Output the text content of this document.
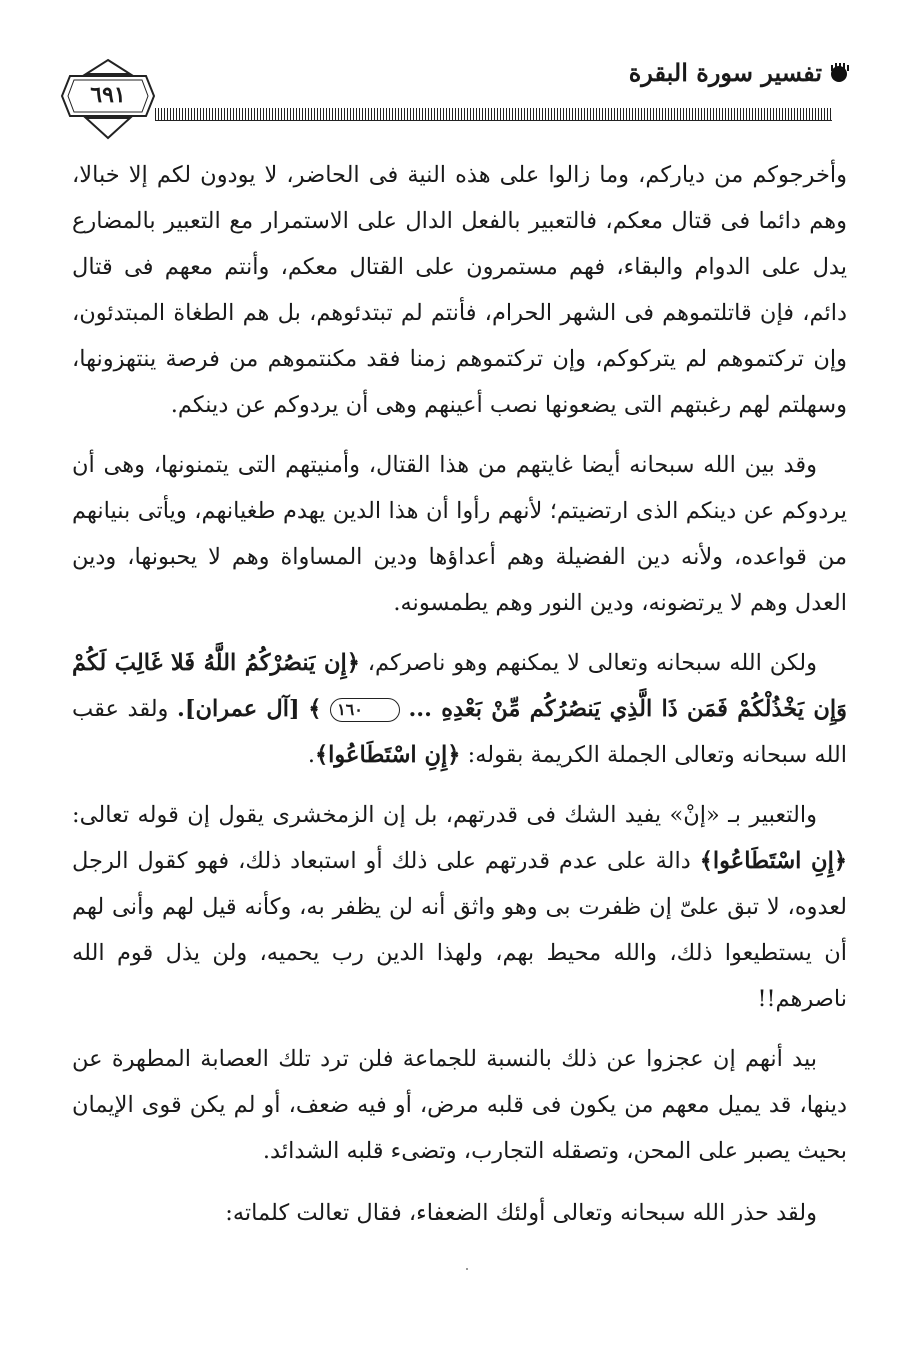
تفسير سورة البقرة
٦٩١

وأخرجوكم من دياركم، وما زالوا على هذه النية فى الحاضر، لا يودون لكم إلا خبالا، وهم دائما فى قتال معكم، فالتعبير بالفعل الدال على الاستمرار مع التعبير بالمضارع يدل على الدوام والبقاء، فهم مستمرون على القتال معكم، وأنتم معهم فى قتال دائم، فإن قاتلتموهم فى الشهر الحرام، فأنتم لم تبتدئوهم، بل هم الطغاة المبتدئون، وإن تركتموهم لم يتركوكم، وإن تركتموهم زمنا فقد مكنتموهم من فرصة ينتهزونها، وسهلتم لهم رغبتهم التى يضعونها نصب أعينهم وهى أن يردوكم عن دينكم.

وقد بين الله سبحانه أيضا غايتهم من هذا القتال، وأمنيتهم التى يتمنونها، وهى أن يردوكم عن دينكم الذى ارتضيتم؛ لأنهم رأوا أن هذا الدين يهدم طغيانهم، ويأتى بنيانهم من قواعده، ولأنه دين الفضيلة وهم أعداؤها ودين المساواة وهم لا يحبونها، ودين العدل وهم لا يرتضونه، ودين النور وهم يطمسونه.

ولكن الله سبحانه وتعالى لا يمكنهم وهو ناصركم، ﴿إِن يَنصُرْكُمُ اللَّهُ فَلا غَالِبَ لَكُمْ وَإِن يَخْذُلْكُمْ فَمَن ذَا الَّذِي يَنصُرُكُم مِّنْ بَعْدِهِ ... ١٦٠ ﴾ [آل عمران]. ولقد عقب الله سبحانه وتعالى الجملة الكريمة بقوله: ﴿إِنِ اسْتَطَاعُوا﴾.

والتعبير بـ «إنْ» يفيد الشك فى قدرتهم، بل إن الزمخشرى يقول إن قوله تعالى: ﴿إِنِ اسْتَطَاعُوا﴾ دالة على عدم قدرتهم على ذلك أو استبعاد ذلك، فهو كقول الرجل لعدوه، لا تبق علىّ إن ظفرت بى وهو واثق أنه لن يظفر به، وكأنه قيل لهم وأنى لهم أن يستطيعوا ذلك، والله محيط بهم، ولهذا الدين رب يحميه، ولن يذل قوم الله ناصرهم!!

بيد أنهم إن عجزوا عن ذلك بالنسبة للجماعة فلن ترد تلك العصابة المطهرة عن دينها، قد يميل معهم من يكون فى قلبه مرض، أو فيه ضعف، أو لم يكن قوى الإيمان بحيث يصبر على المحن، وتصقله التجارب، وتضىء قلبه الشدائد.

ولقد حذر الله سبحانه وتعالى أولئك الضعفاء، فقال تعالت كلماته:
